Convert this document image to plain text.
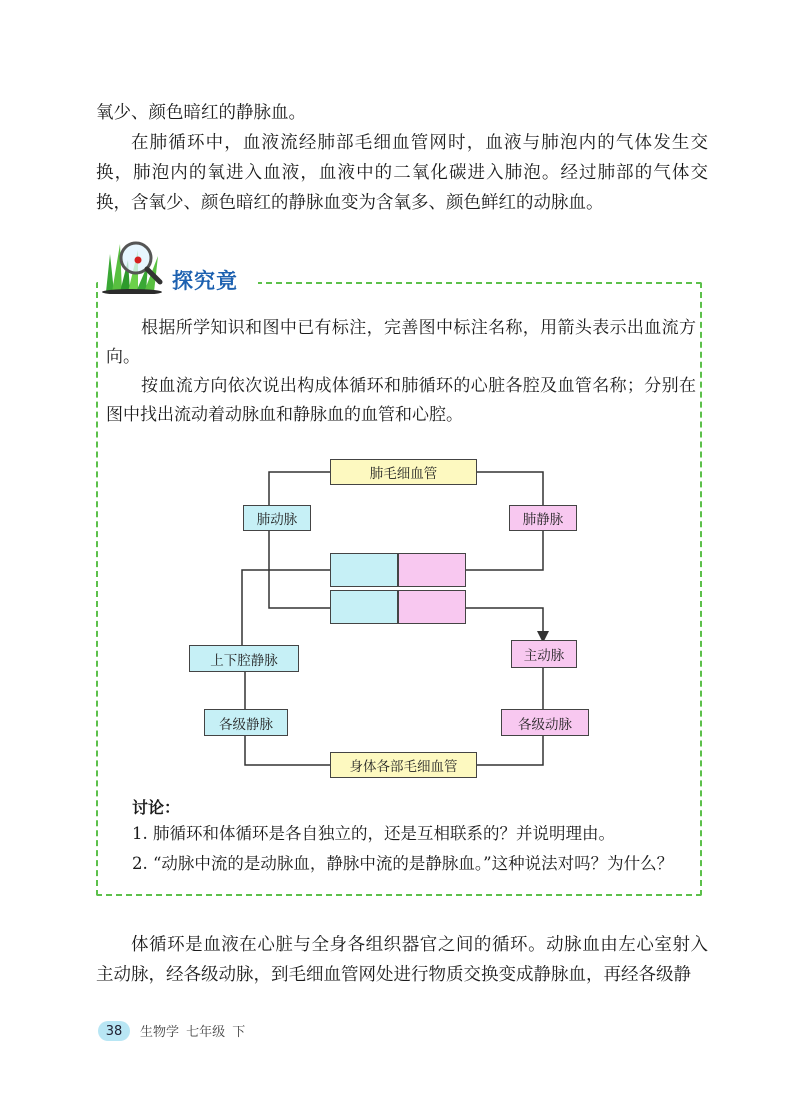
氧少、颜色暗红的静脉血。

在肺循环中，血液流经肺部毛细血管网时，血液与肺泡内的气体发生交换，肺泡内的氧进入血液，血液中的二氧化碳进入肺泡。经过肺部的气体交换，含氧少、颜色暗红的静脉血变为含氧多、颜色鲜红的动脉血。

探究竟

根据所学知识和图中已有标注，完善图中标注名称，用箭头表示出血流方向。

按血流方向依次说出构成体循环和肺循环的心脏各腔及血管名称；分别在图中找出流动着动脉血和静脉血的血管和心腔。

肺毛细血管
肺动脉	肺静脉
上下腔静脉	主动脉
各级静脉	各级动脉
身体各部毛细血管
讨论：
1. 肺循环和体循环是各自独立的，还是互相联系的？并说明理由。
2. “动脉中流的是动脉血，静脉中流的是静脉血。”这种说法对吗？为什么？

体循环是血液在心脏与全身各组织器官之间的循环。动脉血由左心室射入主动脉，经各级动脉，到毛细血管网处进行物质交换变成静脉血，再经各级静

38	生物学 七年级 下
